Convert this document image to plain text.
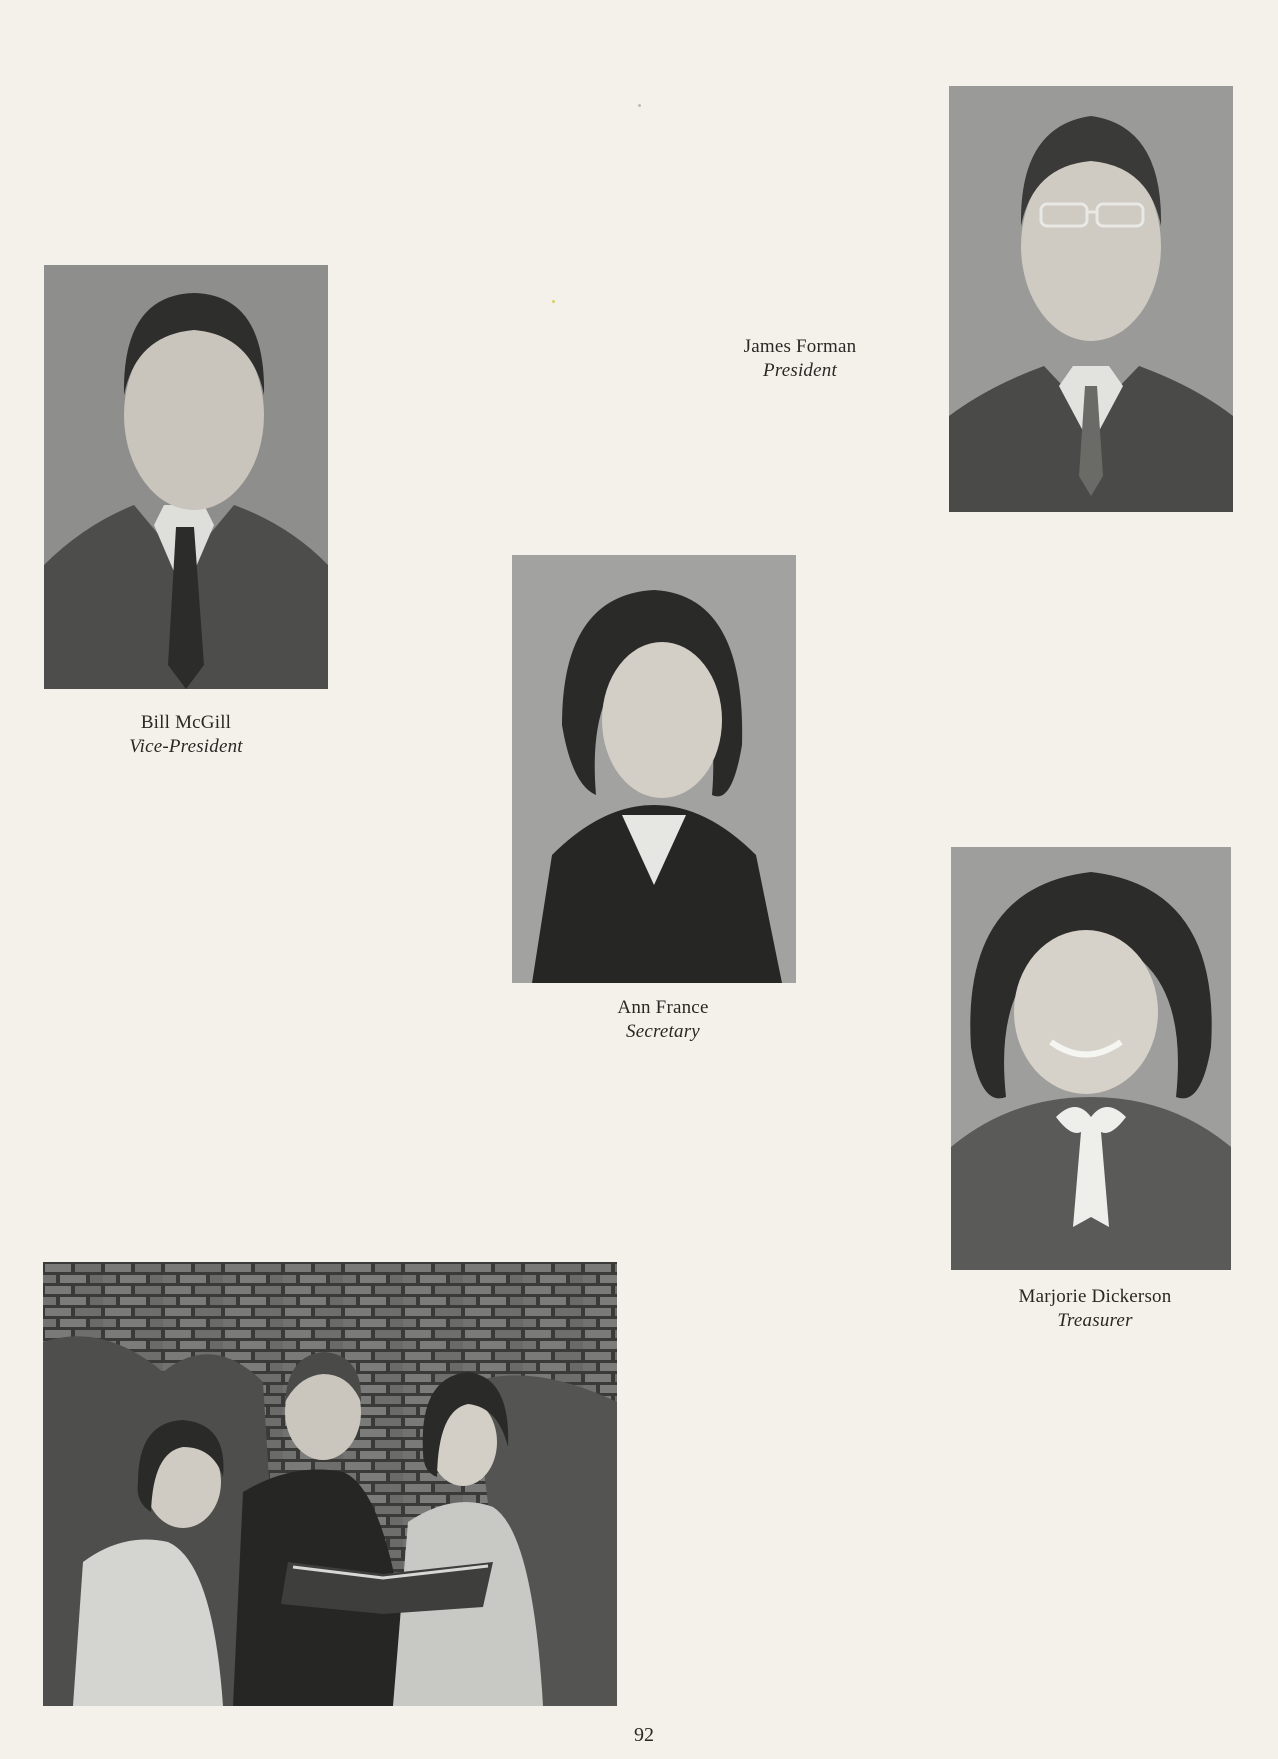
James Forman
President
Bill McGill
Vice-President
Ann France
Secretary
Marjorie Dickerson
Treasurer
92
